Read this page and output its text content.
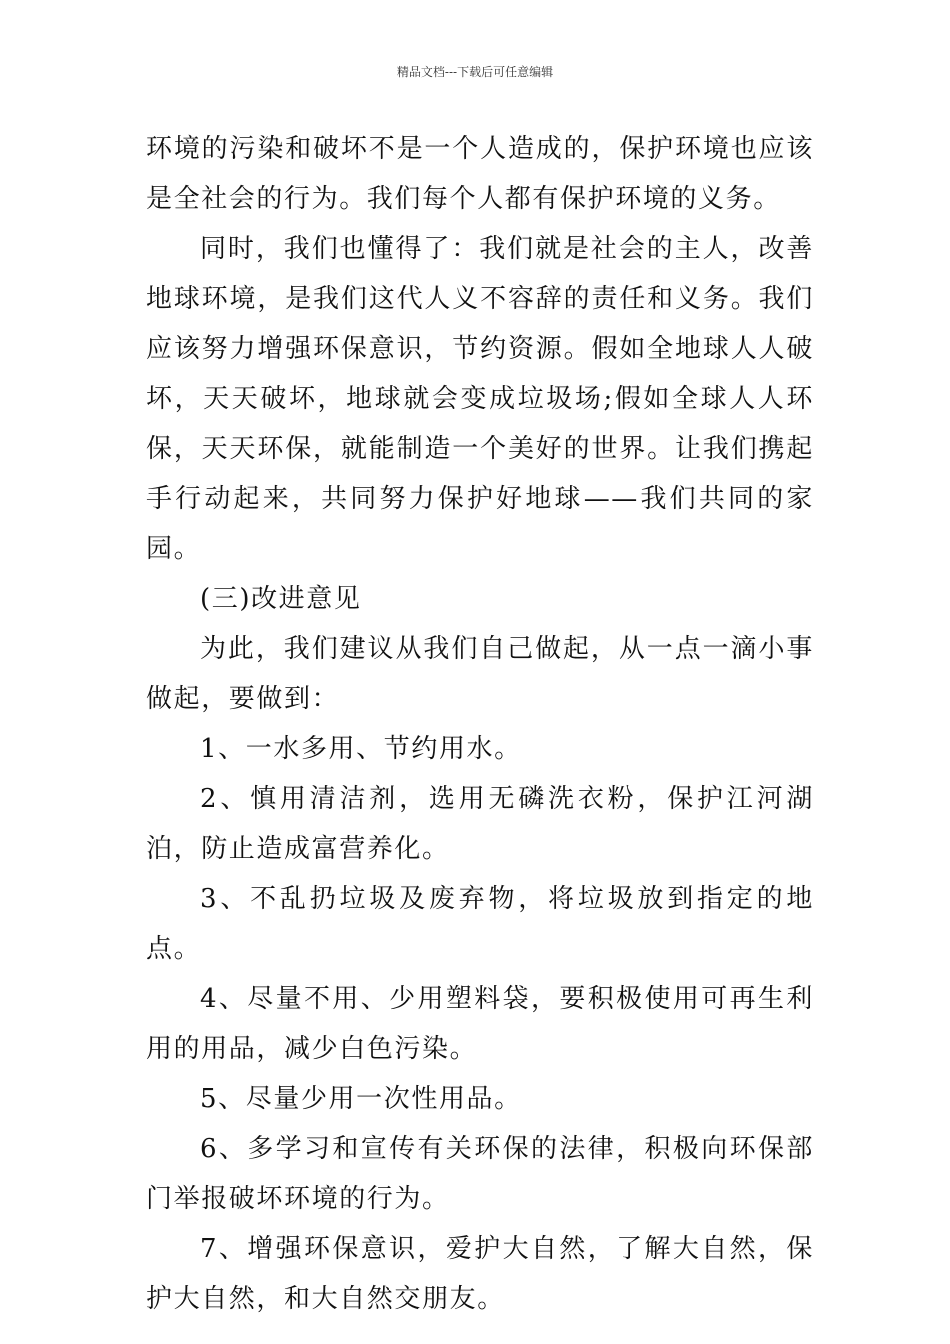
精品文档---下载后可任意编辑

环境的污染和破坏不是一个人造成的，保护环境也应该是全社会的行为。我们每个人都有保护环境的义务。

同时，我们也懂得了：我们就是社会的主人，改善地球环境，是我们这代人义不容辞的责任和义务。我们应该努力增强环保意识，节约资源。假如全地球人人破坏，天天破坏，地球就会变成垃圾场;假如全球人人环保，天天环保，就能制造一个美好的世界。让我们携起手行动起来，共同努力保护好地球——我们共同的家园。

(三)改进意见

为此，我们建议从我们自己做起，从一点一滴小事做起，要做到：

1、一水多用、节约用水。

2、慎用清洁剂，选用无磷洗衣粉，保护江河湖泊，防止造成富营养化。

3、不乱扔垃圾及废弃物，将垃圾放到指定的地点。

4、尽量不用、少用塑料袋，要积极使用可再生利用的用品，减少白色污染。

5、尽量少用一次性用品。

6、多学习和宣传有关环保的法律，积极向环保部门举报破坏环境的行为。

7、增强环保意识，爱护大自然，了解大自然，保护大自然，和大自然交朋友。
